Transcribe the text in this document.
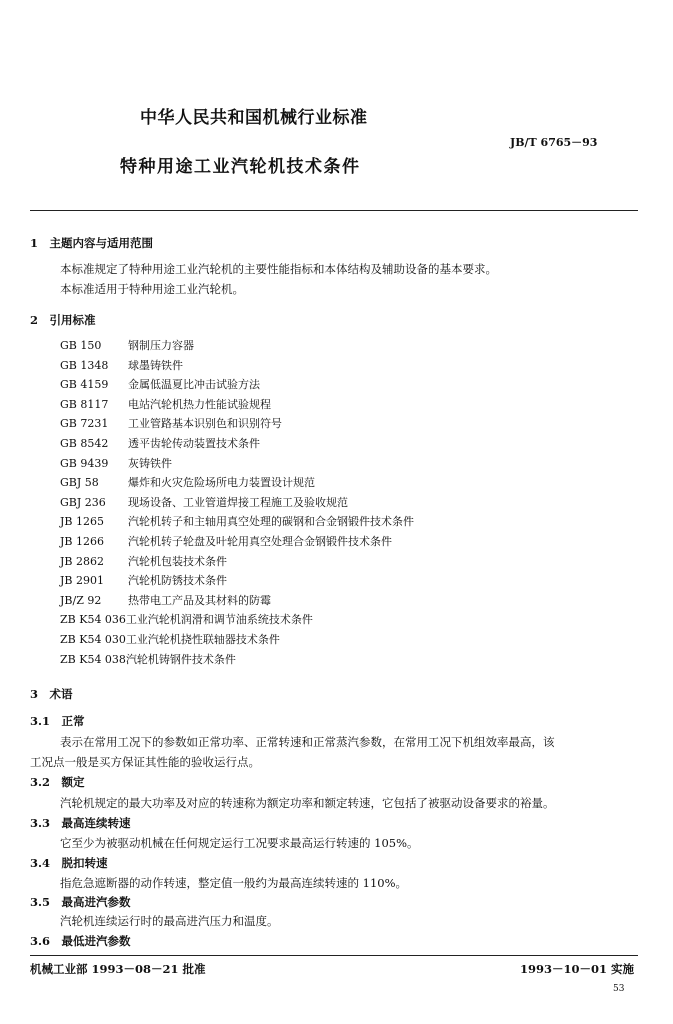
中华人民共和国机械行业标准
JB/T 6765－93
特种用途工业汽轮机技术条件
1　主题内容与适用范围
本标准规定了特种用途工业汽轮机的主要性能指标和本体结构及辅助设备的基本要求。
本标准适用于特种用途工业汽轮机。
2　引用标准
GB 150 钢制压力容器
GB 1348 球墨铸铁件
GB 4159 金属低温夏比冲击试验方法
GB 8117 电站汽轮机热力性能试验规程
GB 7231 工业管路基本识别色和识别符号
GB 8542 透平齿轮传动装置技术条件
GB 9439 灰铸铁件
GBJ 58	爆炸和火灾危险场所电力装置设计规范
GBJ 236 现场设备、工业管道焊接工程施工及验收规范
JB 1265 汽轮机转子和主轴用真空处理的碳钢和合金钢锻件技术条件
JB 1266 汽轮机转子轮盘及叶轮用真空处理合金钢锻件技术条件
JB 2862 汽轮机包装技术条件
JB 2901 汽轮机防锈技术条件
JB/Z 92 热带电工产品及其材料的防霉
ZB K54 036工业汽轮机润滑和调节油系统技术条件
ZB K54 030工业汽轮机挠性联轴器技术条件
ZB K54 038汽轮机铸钢件技术条件
3　术语
3.1　正常
表示在常用工况下的参数如正常功率、正常转速和正常蒸汽参数，在常用工况下机组效率最高，该
工况点一般是买方保证其性能的验收运行点。
3.2　额定
汽轮机规定的最大功率及对应的转速称为额定功率和额定转速，它包括了被驱动设备要求的裕量。
3.3　最高连续转速
它至少为被驱动机械在任何规定运行工况要求最高运行转速的 105%。
3.4　脱扣转速
指危急遮断器的动作转速，整定值一般约为最高连续转速的 110%。
3.5　最高进汽参数
汽轮机连续运行时的最高进汽压力和温度。
3.6　最低进汽参数
机械工业部 1993－08－21 批准	1993－10－01 实施
53
